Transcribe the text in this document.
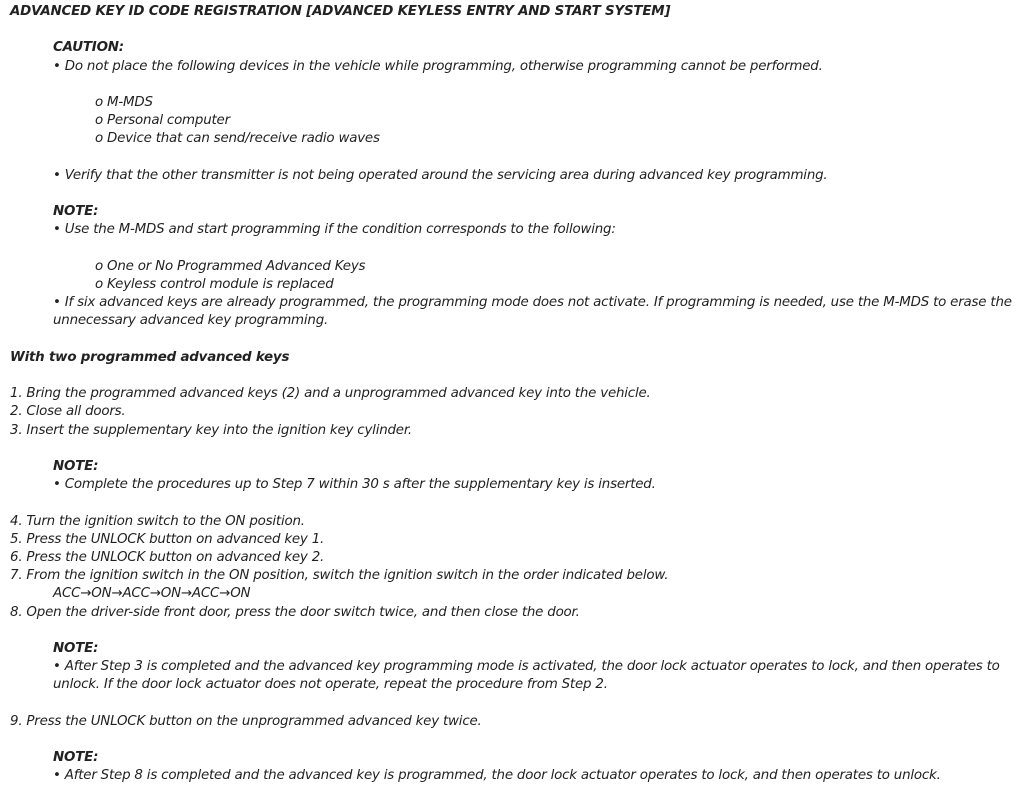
ADVANCED KEY ID CODE REGISTRATION [ADVANCED KEYLESS ENTRY AND START SYSTEM]
CAUTION:
• Do not place the following devices in the vehicle while programming, otherwise programming cannot be performed.
o M-MDS
o Personal computer
o Device that can send/receive radio waves
• Verify that the other transmitter is not being operated around the servicing area during advanced key programming.
NOTE:
• Use the M-MDS and start programming if the condition corresponds to the following:
o One or No Programmed Advanced Keys
o Keyless control module is replaced
• If six advanced keys are already programmed, the programming mode does not activate. If programming is needed, use the M-MDS to erase the unnecessary advanced key programming.
With two programmed advanced keys
1. Bring the programmed advanced keys (2) and a unprogrammed advanced key into the vehicle.
2. Close all doors.
3. Insert the supplementary key into the ignition key cylinder.
NOTE:
• Complete the procedures up to Step 7 within 30 s after the supplementary key is inserted.
4. Turn the ignition switch to the ON position.
5. Press the UNLOCK button on advanced key 1.
6. Press the UNLOCK button on advanced key 2.
7. From the ignition switch in the ON position, switch the ignition switch in the order indicated below.
ACC→ON→ACC→ON→ACC→ON
8. Open the driver-side front door, press the door switch twice, and then close the door.
NOTE:
• After Step 3 is completed and the advanced key programming mode is activated, the door lock actuator operates to lock, and then operates to unlock. If the door lock actuator does not operate, repeat the procedure from Step 2.
9. Press the UNLOCK button on the unprogrammed advanced key twice.
NOTE:
• After Step 8 is completed and the advanced key is programmed, the door lock actuator operates to lock, and then operates to unlock.
